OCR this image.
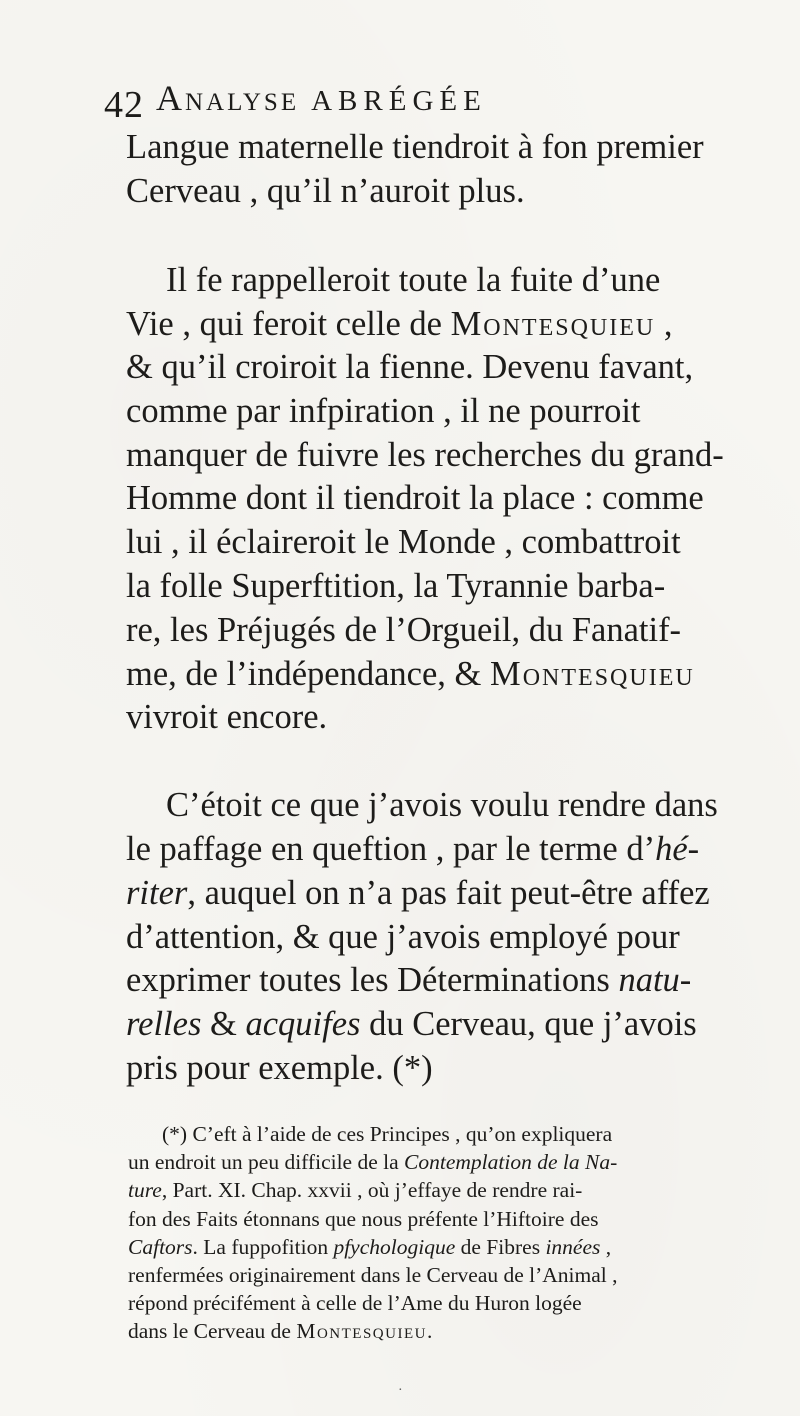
42 Analyse ABRÉGÉE
Langue maternelle tiendroit à fon premier
Cerveau , qu’il n’auroit plus.
Il fe rappelleroit toute la fuite d’une
Vie , qui feroit celle de Montesquieu ,
& qu’il croiroit la fienne. Devenu favant,
comme par infpiration , il ne pourroit
manquer de fuivre les recherches du grand-
Homme dont il tiendroit la place : comme
lui , il éclaireroit le Monde , combattroit
la folle Superftition, la Tyrannie barba-
re, les Préjugés de l’Orgueil, du Fanatif-
me, de l’indépendance, & Montesquieu
vivroit encore.
C’étoit ce que j’avois voulu rendre dans
le paffage en queftion , par le terme d’hé-
riter, auquel on n’a pas fait peut-être affez
d’attention, & que j’avois employé pour
exprimer toutes les Déterminations natu-
relles & acquifes du Cerveau, que j’avois
pris pour exemple. (*)
(*) C’eft à l’aide de ces Principes , qu’on expliquera
un endroit un peu difficile de la Contemplation de la Na-
ture, Part. XI. Chap. xxvii , où j’effaye de rendre rai-
fon des Faits étonnans que nous préfente l’Hiftoire des
Caftors. La fuppofition pfychologique de Fibres innées ,
renfermées originairement dans le Cerveau de l’Animal ,
répond précifément à celle de l’Ame du Huron logée
dans le Cerveau de Montesquieu.
·
